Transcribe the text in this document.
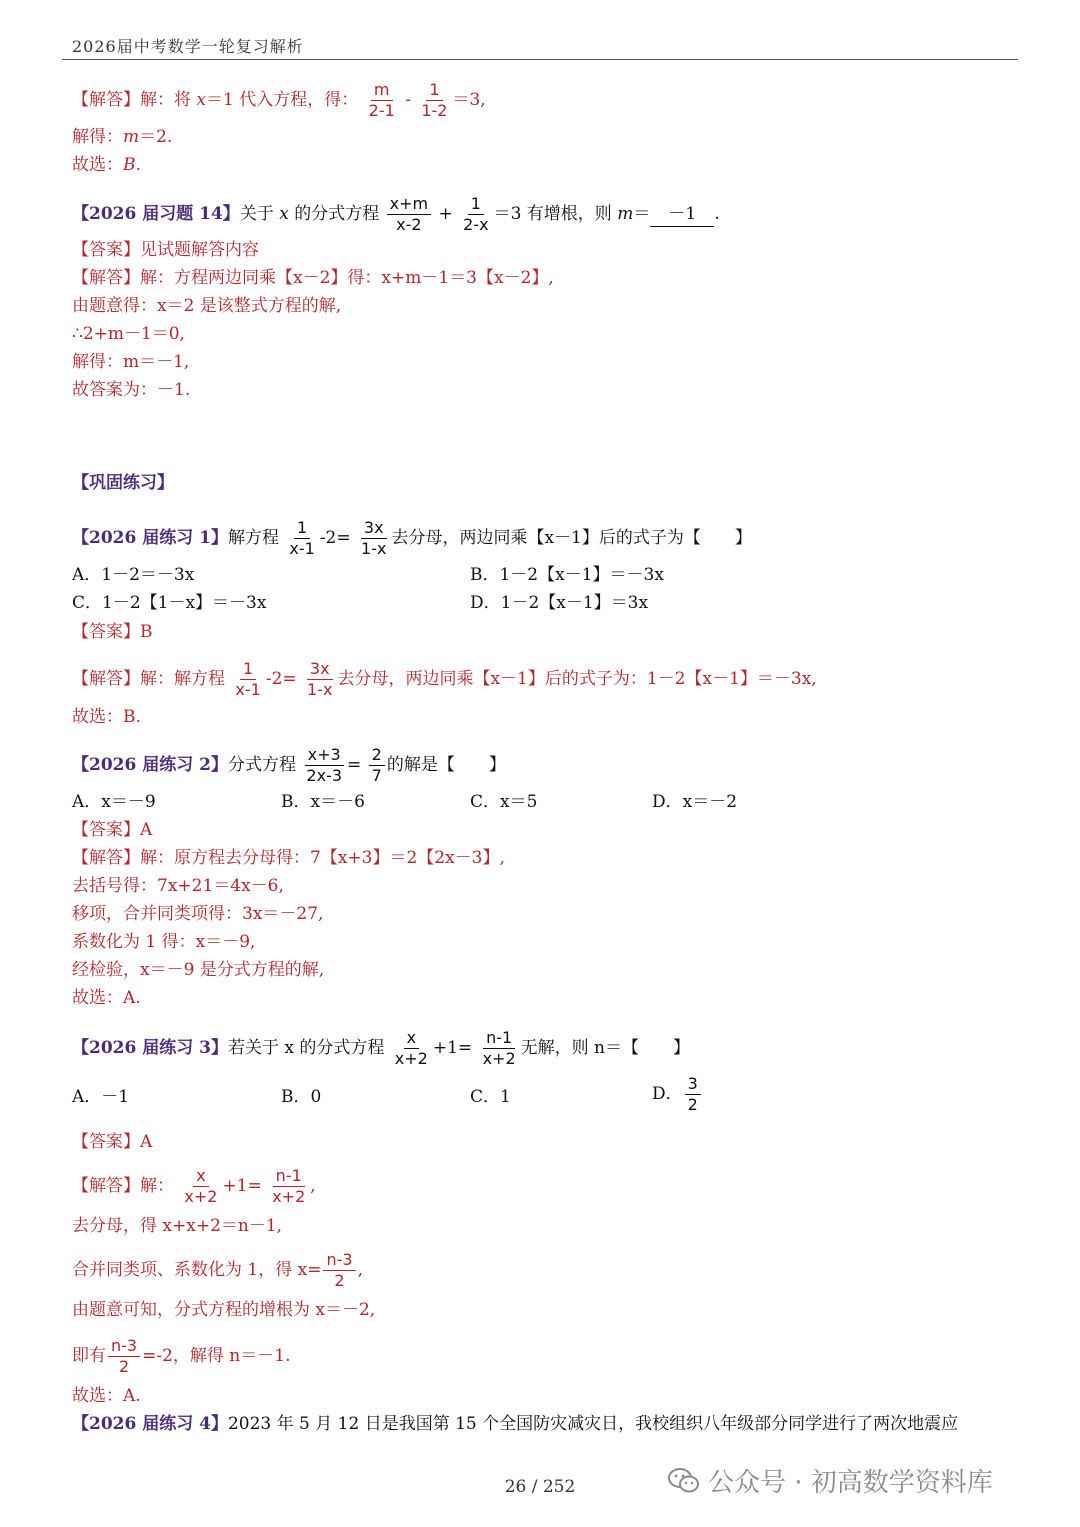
2026届中考数学一轮复习解析
【解答】解：将 x＝1 代入方程，得： $\frac{m}{2-1} - \frac{1}{1-2} =3$,
解得：m＝2.
故选：B.
【2026 届习题 14】关于 x 的分式方程 $\frac{x+m}{x-2} + \frac{1}{2-x} =3$ 有增根，则 m＝ －1 .
【答案】见试题解答内容
【解答】解：方程两边同乘【x－2】得：x+m－1＝3【x－2】,
由题意得：x＝2 是该整式方程的解,
∴2+m－1＝0,
解得：m＝－1,
故答案为：－1.
【巩固练习】
【2026 届练习 1】解方程 $\frac{1}{x-1} -2= \frac{3x}{1-x}$ 去分母，两边同乘【x－1】后的式子为【　　】
A．1－2＝－3x	B．1－2【x－1】＝－3x
C．1－2【1－x】＝－3x	D．1－2【x－1】＝3x
【答案】B
【解答】解：解方程 $\frac{1}{x-1} -2= \frac{3x}{1-x}$ 去分母，两边同乘【x－1】后的式子为：1－2【x－1】＝－3x,
故选：B.
【2026 届练习 2】分式方程 $\frac{x+3}{2x-3} = \frac{2}{7}$ 的解是【　　】
A．x＝－9	B．x＝－6	C．x＝5	D．x＝－2
【答案】A
【解答】解：原方程去分母得：7【x+3】＝2【2x－3】,
去括号得：7x+21＝4x－6,
移项，合并同类项得：3x＝－27,
系数化为 1 得：x＝－9,
经检验，x＝－9 是分式方程的解,
故选：A.
【2026 届练习 3】若关于 x 的分式方程 $\frac{x}{x+2} +1= \frac{n-1}{x+2}$ 无解，则 n＝【　　】
A．－1	B．0	C．1	D． $\frac{3}{2}$
【答案】A
【解答】解： $\frac{x}{x+2} +1= \frac{n-1}{x+2}$ ,
去分母，得 x+x+2＝n－1,
合并同类项、系数化为 1，得 $x= \frac{n-3}{2}$ ,
由题意可知，分式方程的增根为 x＝－2,
即有 $\frac{n-3}{2} =-2$，解得 n＝－1.
故选：A.
【2026 届练习 4】2023 年 5 月 12 日是我国第 15 个全国防灾减灾日，我校组织八年级部分同学进行了两次地震应
26 / 252	公众号 · 初高数学资料库
